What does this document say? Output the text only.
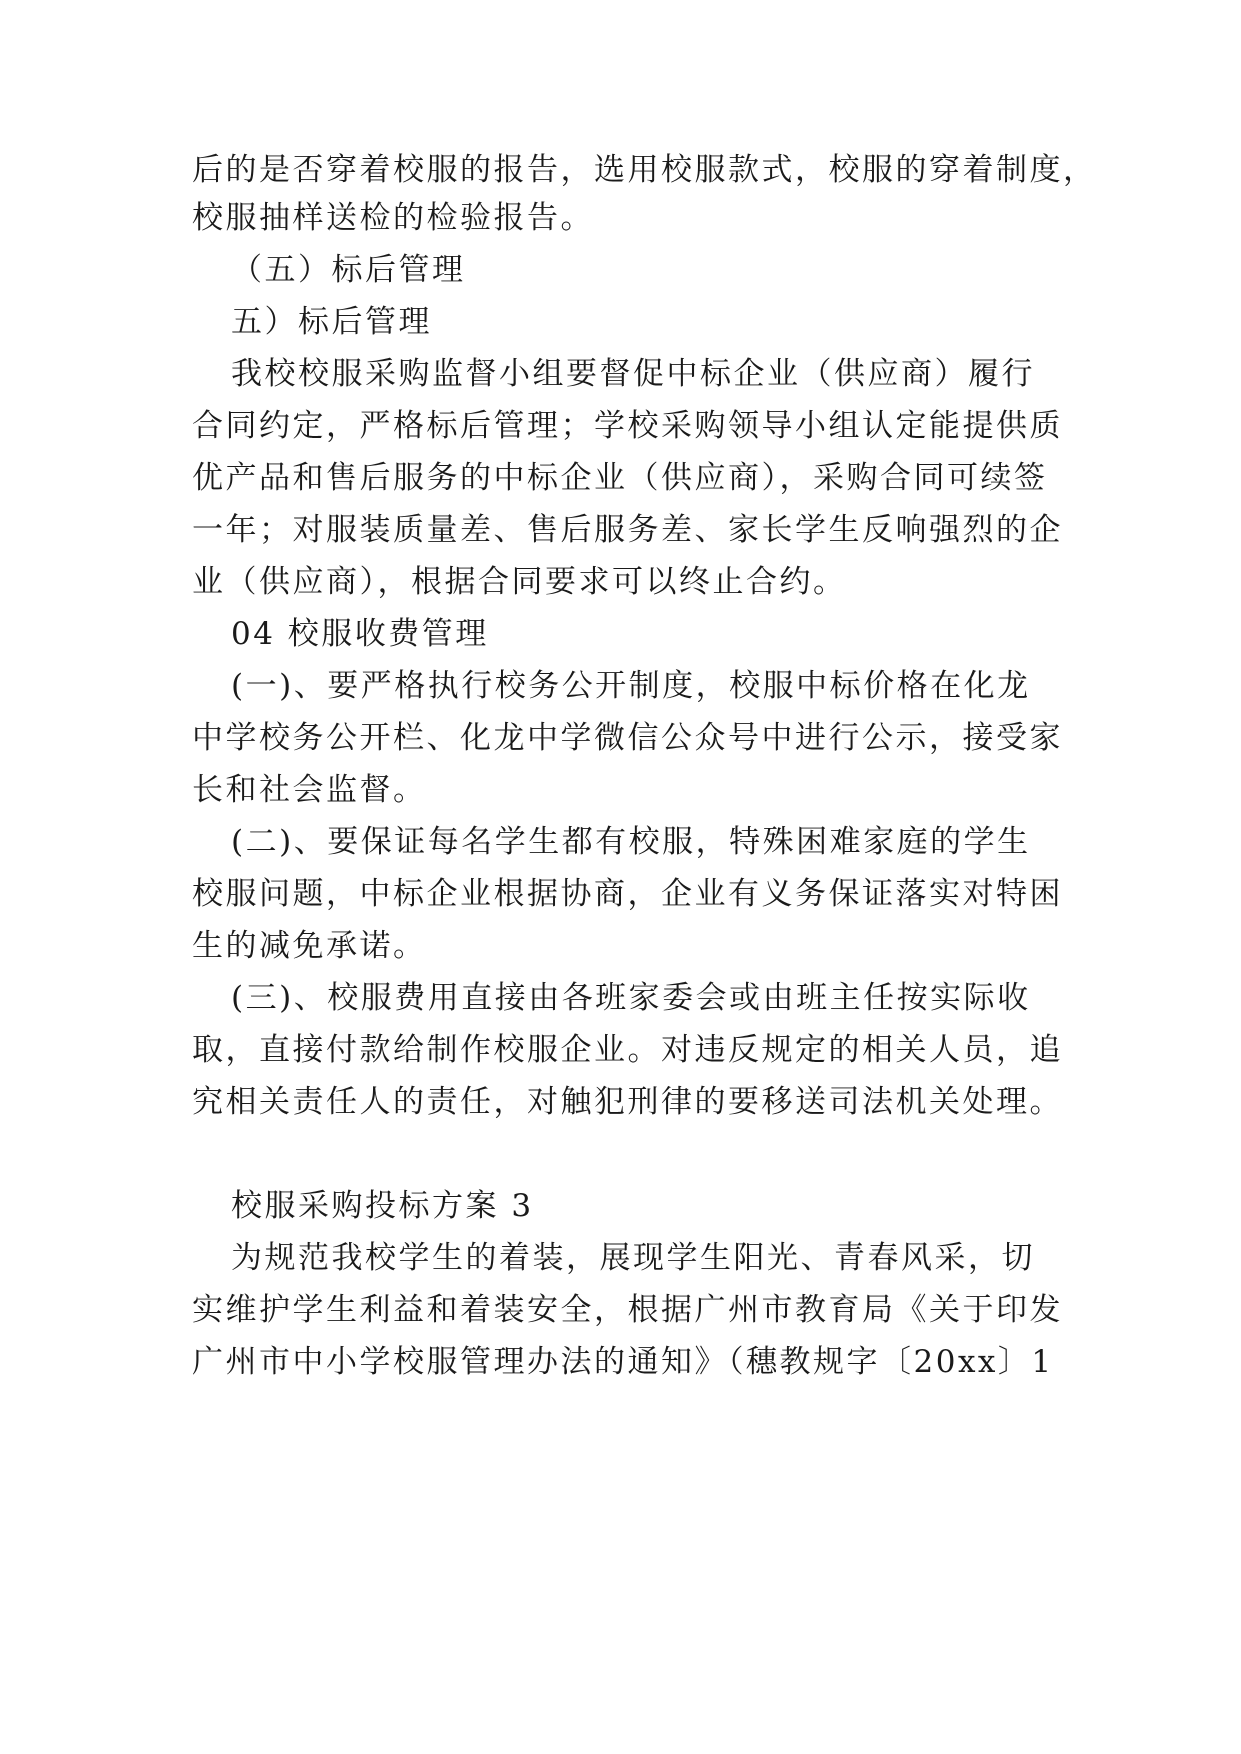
后的是否穿着校服的报告，选用校服款式，校服的穿着制度，
校服抽样送检的检验报告。
（五）标后管理
五）标后管理
我校校服采购监督小组要督促中标企业（供应商）履行
合同约定，严格标后管理；学校采购领导小组认定能提供质
优产品和售后服务的中标企业（供应商），采购合同可续签
一年；对服装质量差、售后服务差、家长学生反响强烈的企
业（供应商），根据合同要求可以终止合约。
04 校服收费管理
(一)、要严格执行校务公开制度，校服中标价格在化龙
中学校务公开栏、化龙中学微信公众号中进行公示，接受家
长和社会监督。
(二)、要保证每名学生都有校服，特殊困难家庭的学生
校服问题，中标企业根据协商，企业有义务保证落实对特困
生的减免承诺。
(三)、校服费用直接由各班家委会或由班主任按实际收
取，直接付款给制作校服企业。对违反规定的相关人员，追
究相关责任人的责任，对触犯刑律的要移送司法机关处理。
校服采购投标方案 3
为规范我校学生的着装，展现学生阳光、青春风采，切
实维护学生利益和着装安全，根据广州市教育局《关于印发
广州市中小学校服管理办法的通知》（穗教规字〔20xx〕1
